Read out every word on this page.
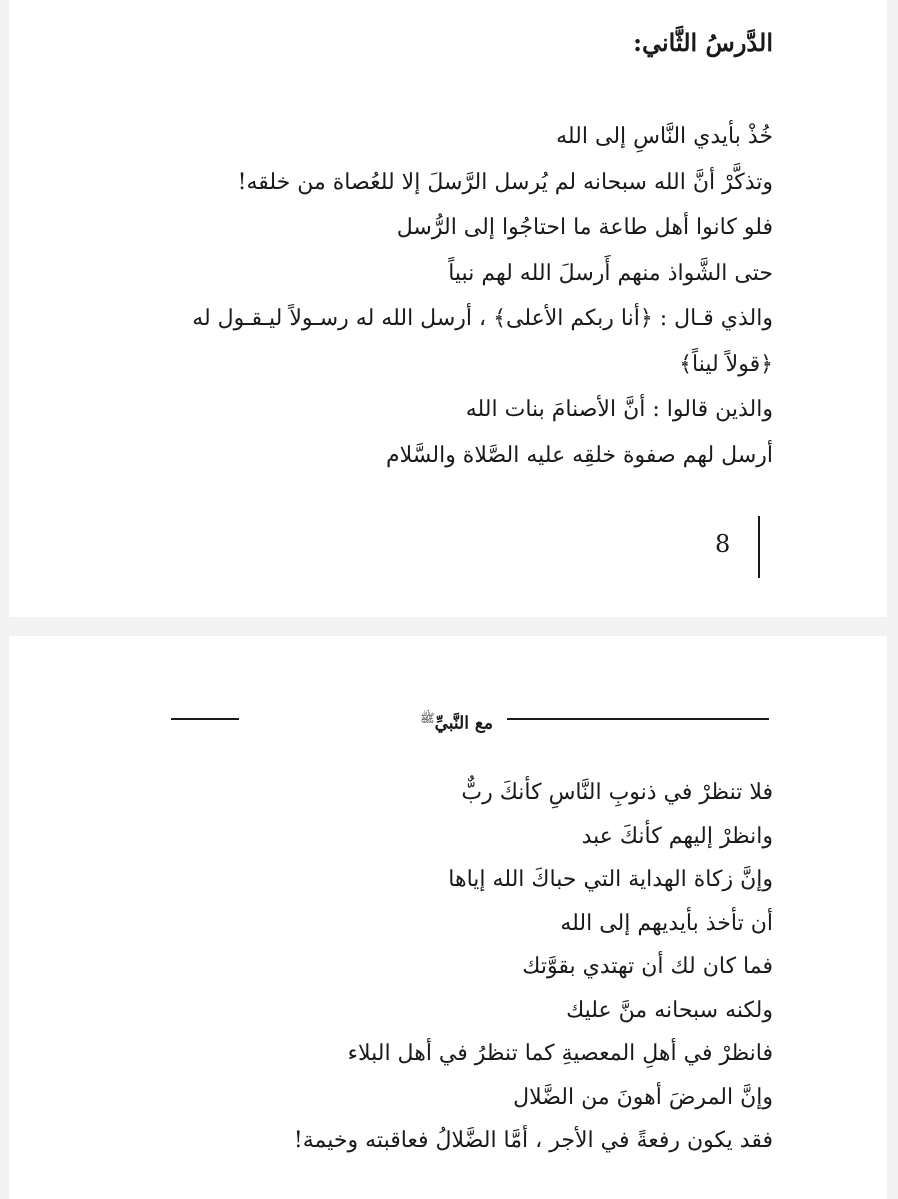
الدَّرسُ الثَّاني:
خُذْ بأيدي النَّاسِ إلى الله
وتذكَّرْ أنَّ الله سبحانه لم يُرسل الرَّسلَ إلا للعُصاة من خلقه!
فلو كانوا أهل طاعة ما احتاجُوا إلى الرُّسل
حتى الشَّواذ منهم أَرسلَ الله لهم نبياً
والذي قـال : ﴿أنا ربكم الأعلى﴾ ، أرسل الله له رسـولاً ليـقـول له
﴿قولاً ليناً﴾
والذين قالوا : أنَّ الأصنامَ بنات الله
أرسل لهم صفوة خلقِه عليه الصَّلاة والسَّلام
8
مع النَّبيِّ$^ﷺ$
فلا تنظرْ في ذنوبِ النَّاسِ كأنكَ ربٌّ
وانظرْ إليهم كأنكَ عبد
وإنَّ زكاة الهداية التي حباكَ الله إياها
أن تأخذ بأيديهم إلى الله
فما كان لك أن تهتدي بقوَّتك
ولكنه سبحانه منَّ عليك
فانظرْ في أهلِ المعصيةِ كما تنظرُ في أهل البلاء
وإنَّ المرضَ أهونَ من الضَّلال
فقد يكون رفعةً في الأجر ، أمَّا الضَّلالُ فعاقبته وخيمة!
